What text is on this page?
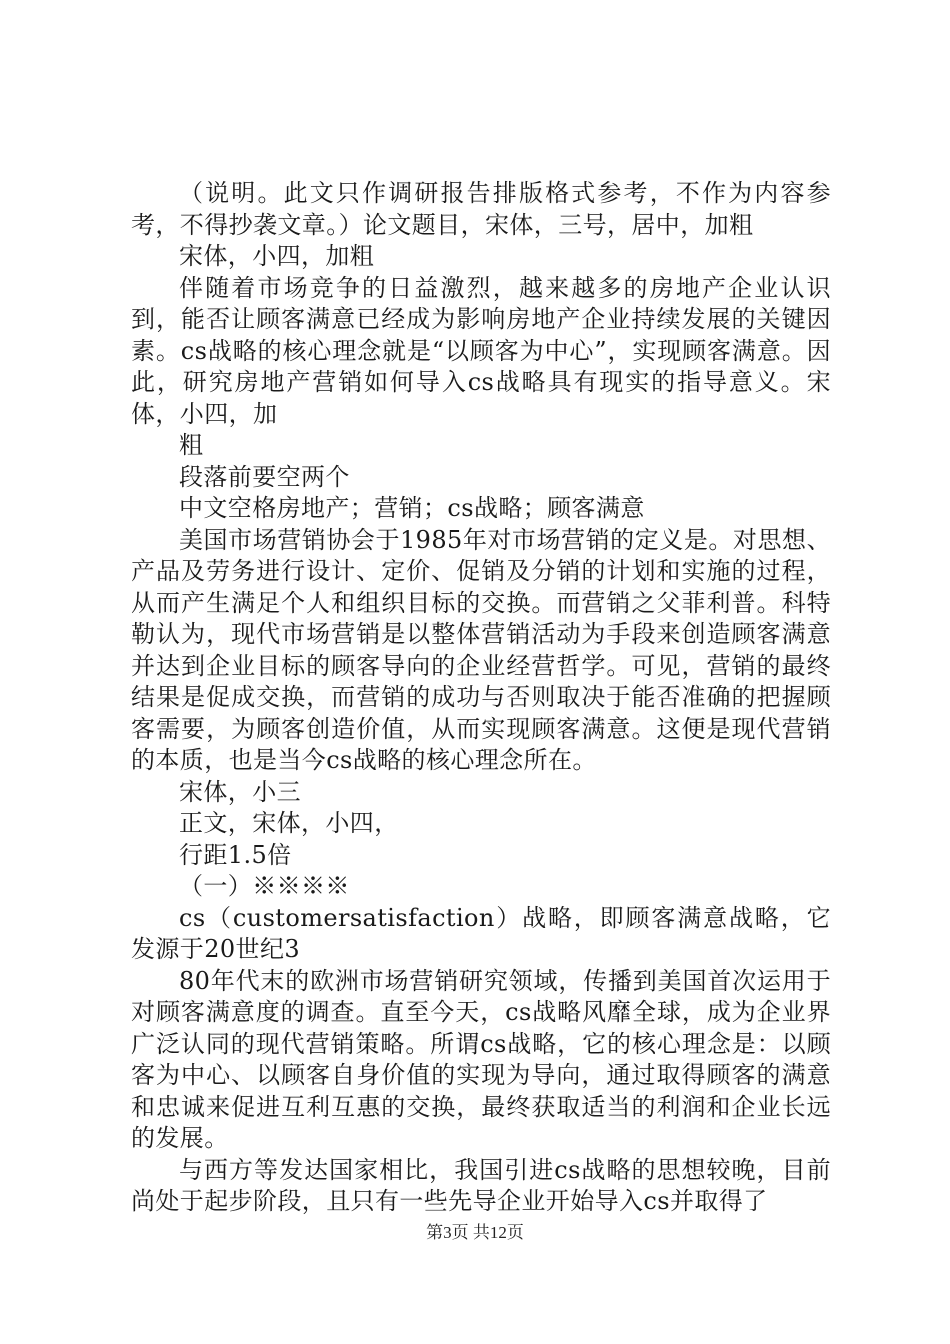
（说明。此文只作调研报告排版格式参考，不作为内容参考，不得抄袭文章。）论文题目，宋体，三号，居中，加粗

宋体，小四，加粗

伴随着市场竞争的日益激烈，越来越多的房地产企业认识到，能否让顾客满意已经成为影响房地产企业持续发展的关键因素。cs战略的核心理念就是“以顾客为中心”，实现顾客满意。因此，研究房地产营销如何导入cs战略具有现实的指导意义。宋体，小四，加

粗

段落前要空两个

中文空格房地产；营销；cs战略；顾客满意

美国市场营销协会于1985年对市场营销的定义是。对思想、产品及劳务进行设计、定价、促销及分销的计划和实施的过程，从而产生满足个人和组织目标的交换。而营销之父菲利普。科特勒认为，现代市场营销是以整体营销活动为手段来创造顾客满意并达到企业目标的顾客导向的企业经营哲学。可见，营销的最终结果是促成交换，而营销的成功与否则取决于能否准确的把握顾客需要，为顾客创造价值，从而实现顾客满意。这便是现代营销的本质，也是当今cs战略的核心理念所在。

宋体，小三

正文，宋体，小四，

行距1.5倍

（一）※※※※

cs（customersatisfaction）战略，即顾客满意战略，它发源于20世纪3

80年代末的欧洲市场营销研究领域，传播到美国首次运用于对顾客满意度的调查。直至今天，cs战略风靡全球，成为企业界广泛认同的现代营销策略。所谓cs战略，它的核心理念是：以顾客为中心、以顾客自身价值的实现为导向，通过取得顾客的满意和忠诚来促进互利互惠的交换，最终获取适当的利润和企业长远的发展。

与西方等发达国家相比，我国引进cs战略的思想较晚，目前尚处于起步阶段，且只有一些先导企业开始导入cs并取得了

第3页 共12页
